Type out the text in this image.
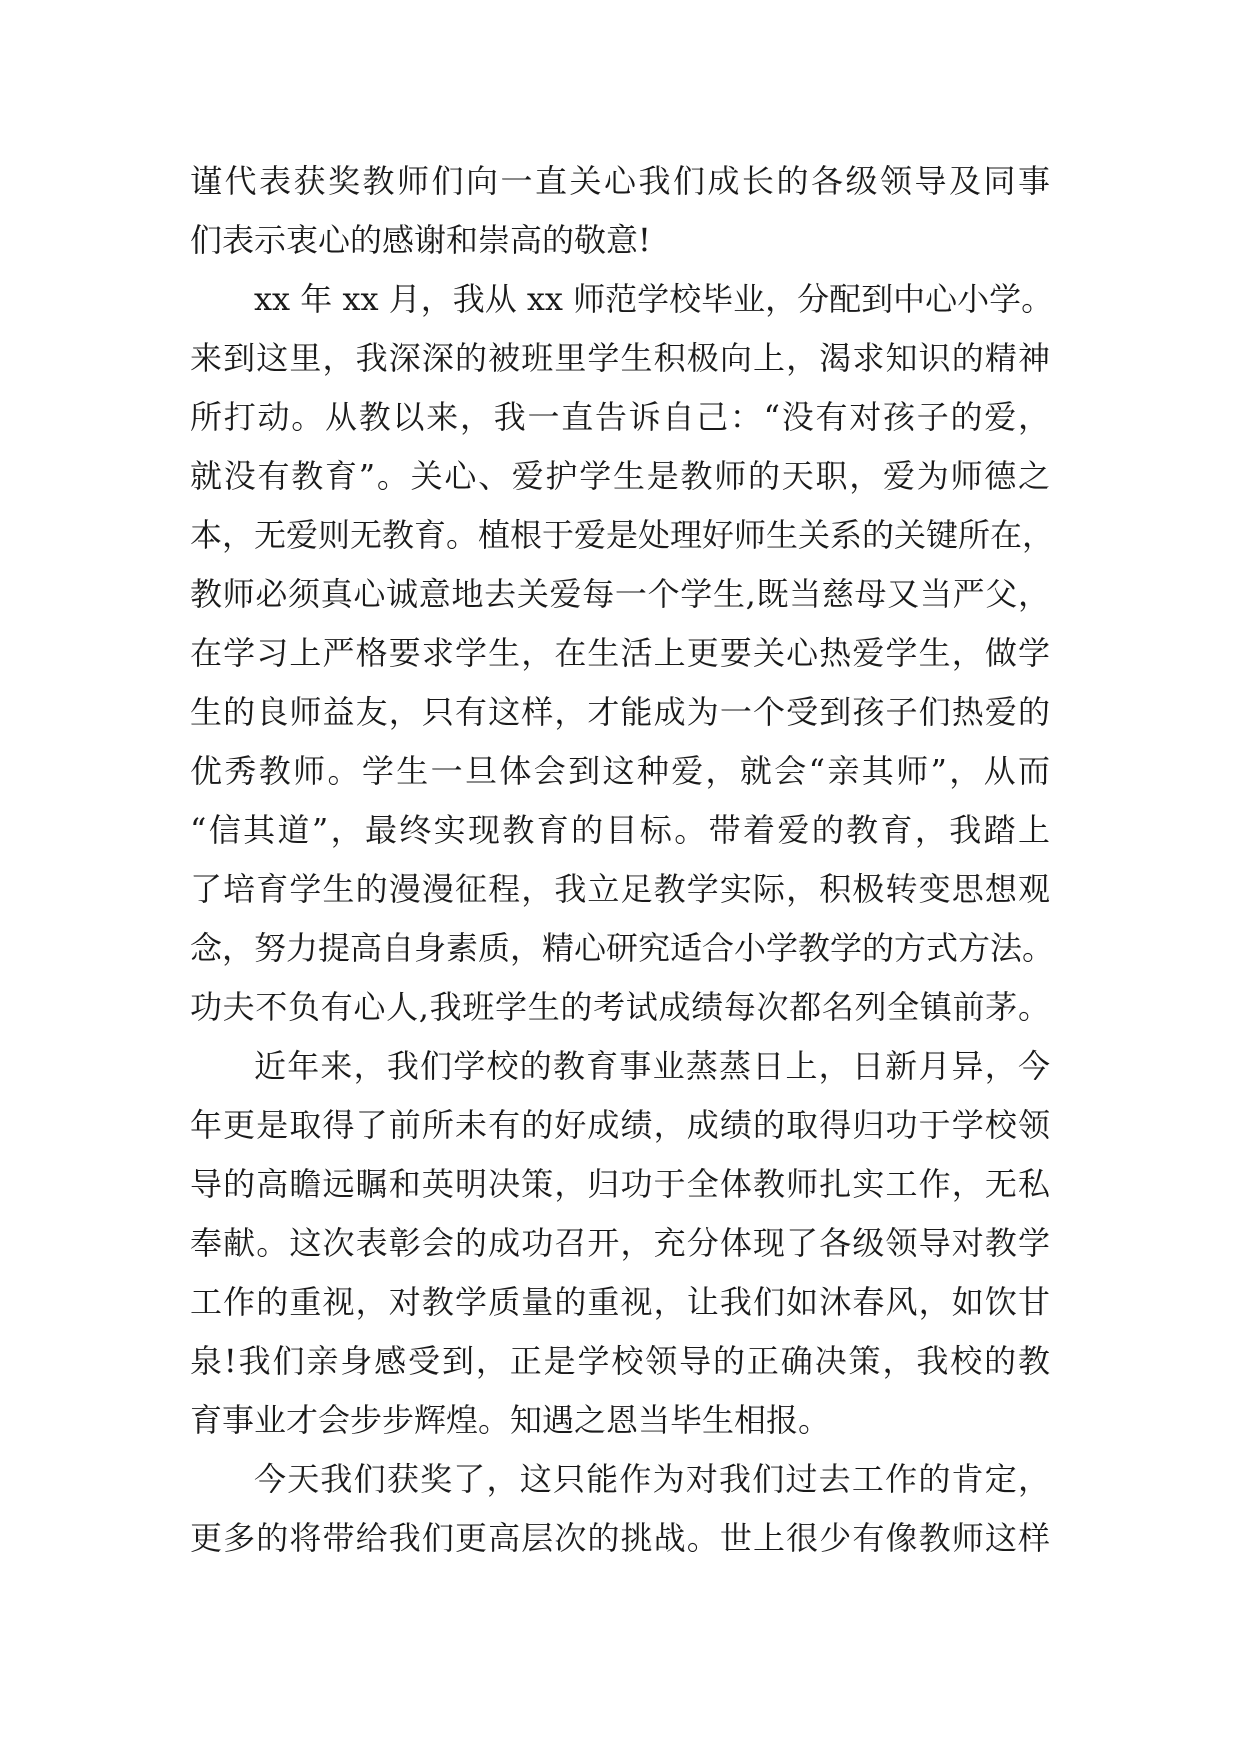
谨代表获奖教师们向一直关心我们成长的各级领导及同事
们表示衷心的感谢和崇高的敬意!
xx 年 xx 月，我从 xx 师范学校毕业，分配到中心小学。
来到这里，我深深的被班里学生积极向上，渴求知识的精神
所打动。从教以来，我一直告诉自己：“没有对孩子的爱，
就没有教育”。关心、爱护学生是教师的天职，爱为师德之
本，无爱则无教育。植根于爱是处理好师生关系的关键所在，
教师必须真心诚意地去关爱每一个学生,既当慈母又当严父，
在学习上严格要求学生，在生活上更要关心热爱学生，做学
生的良师益友，只有这样，才能成为一个受到孩子们热爱的
优秀教师。学生一旦体会到这种爱，就会“亲其师”，从而
“信其道”，最终实现教育的目标。带着爱的教育，我踏上
了培育学生的漫漫征程，我立足教学实际，积极转变思想观
念，努力提高自身素质，精心研究适合小学教学的方式方法。
功夫不负有心人,我班学生的考试成绩每次都名列全镇前茅。
近年来，我们学校的教育事业蒸蒸日上，日新月异，今
年更是取得了前所未有的好成绩，成绩的取得归功于学校领
导的高瞻远瞩和英明决策，归功于全体教师扎实工作，无私
奉献。这次表彰会的成功召开，充分体现了各级领导对教学
工作的重视，对教学质量的重视，让我们如沐春风，如饮甘
泉!我们亲身感受到，正是学校领导的正确决策，我校的教
育事业才会步步辉煌。知遇之恩当毕生相报。
今天我们获奖了，这只能作为对我们过去工作的肯定，
更多的将带给我们更高层次的挑战。世上很少有像教师这样
